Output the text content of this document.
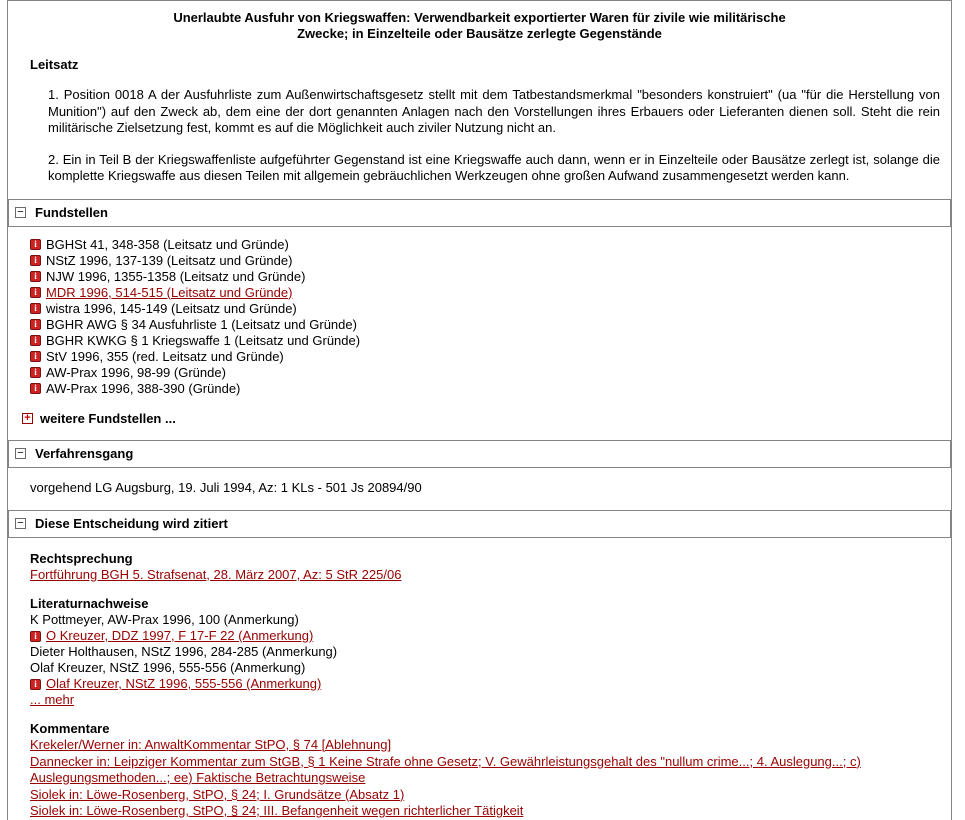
Unerlaubte Ausfuhr von Kriegswaffen: Verwendbarkeit exportierter Waren für zivile wie militärische
Zwecke; in Einzelteile oder Bausätze zerlegte Gegenstände
Leitsatz

1. Position 0018 A der Ausfuhrliste zum Außenwirtschaftsgesetz stellt mit dem Tatbestandsmerkmal "besonders konstruiert" (ua "für die Herstellung von Munition") auf den Zweck ab, dem eine der dort genannten Anlagen nach den Vorstellungen ihres Erbauers oder Lieferanten dienen soll. Steht die rein militärische Zielsetzung fest, kommt es auf die Möglichkeit auch ziviler Nutzung nicht an.

2. Ein in Teil B der Kriegswaffenliste aufgeführter Gegenstand ist eine Kriegswaffe auch dann, wenn er in Einzelteile oder Bausätze zerlegt ist, solange die komplette Kriegswaffe aus diesen Teilen mit allgemein gebräuchlichen Werkzeugen ohne großen Aufwand zusammengesetzt werden kann.

− Fundstellen
i BGHSt 41, 348-358 (Leitsatz und Gründe)
i NStZ 1996, 137-139 (Leitsatz und Gründe)
i NJW 1996, 1355-1358 (Leitsatz und Gründe)
i MDR 1996, 514-515 (Leitsatz und Gründe)
i wistra 1996, 145-149 (Leitsatz und Gründe)
i BGHR AWG § 34 Ausfuhrliste 1 (Leitsatz und Gründe)
i BGHR KWKG § 1 Kriegswaffe 1 (Leitsatz und Gründe)
i StV 1996, 355 (red. Leitsatz und Gründe)
i AW-Prax 1996, 98-99 (Gründe)
i AW-Prax 1996, 388-390 (Gründe)
+ weitere Fundstellen ...
− Verfahrensgang
vorgehend LG Augsburg, 19. Juli 1994, Az: 1 KLs - 501 Js 20894/90
− Diese Entscheidung wird zitiert
Rechtsprechung
Fortführung BGH 5. Strafsenat, 28. März 2007, Az: 5 StR 225/06
Literaturnachweise
K Pottmeyer, AW-Prax 1996, 100 (Anmerkung)
i O Kreuzer, DDZ 1997, F 17-F 22 (Anmerkung)
Dieter Holthausen, NStZ 1996, 284-285 (Anmerkung)
Olaf Kreuzer, NStZ 1996, 555-556 (Anmerkung)
i Olaf Kreuzer, NStZ 1996, 555-556 (Anmerkung)
... mehr
Kommentare
Krekeler/Werner in: AnwaltKommentar StPO, § 74 [Ablehnung]
Dannecker in: Leipziger Kommentar zum StGB, § 1 Keine Strafe ohne Gesetz; V. Gewährleistungsgehalt des "nullum crime...; 4. Auslegung...; c) Auslegungsmethoden...; ee) Faktische Betrachtungsweise
Siolek in: Löwe-Rosenberg, StPO, § 24; I. Grundsätze (Absatz 1)
Siolek in: Löwe-Rosenberg, StPO, § 24; III. Befangenheit wegen richterlicher Tätigkeit
